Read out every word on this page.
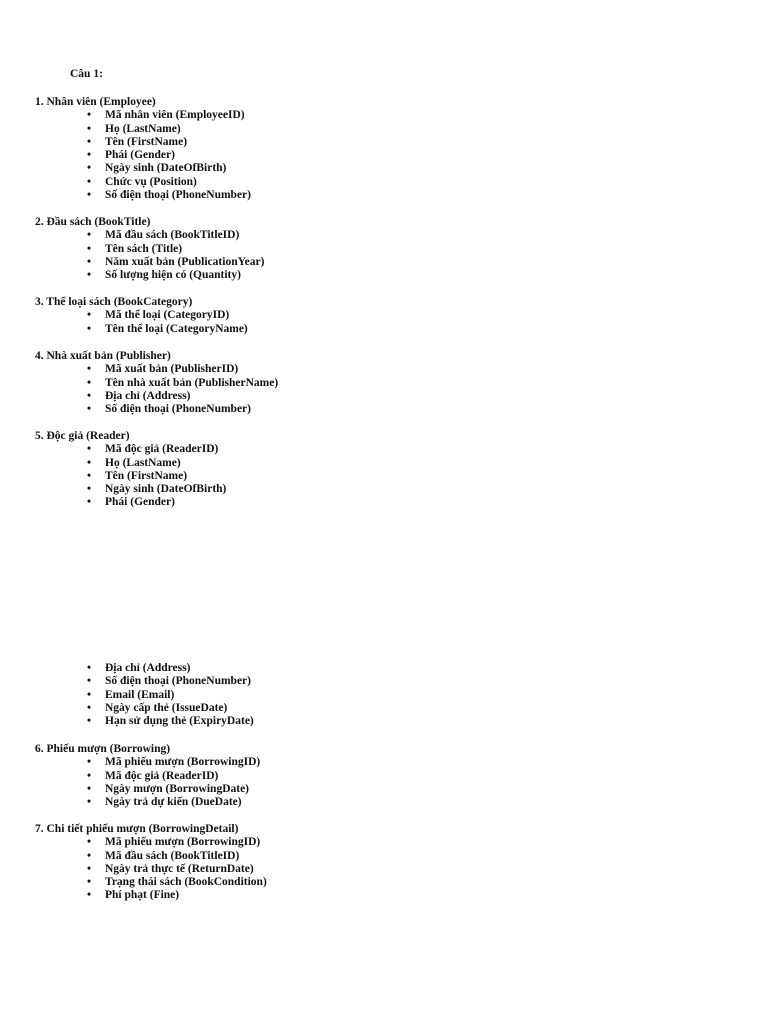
Câu 1:
1. Nhân viên (Employee)
• Mã nhân viên (EmployeeID)
• Họ (LastName)
• Tên (FirstName)
• Phái (Gender)
• Ngày sinh (DateOfBirth)
• Chức vụ (Position)
• Số điện thoại (PhoneNumber)
2. Đầu sách (BookTitle)
• Mã đầu sách (BookTitleID)
• Tên sách (Title)
• Năm xuất bản (PublicationYear)
• Số lượng hiện có (Quantity)
3. Thể loại sách (BookCategory)
• Mã thể loại (CategoryID)
• Tên thể loại (CategoryName)
4. Nhà xuất bản (Publisher)
• Mã xuất bản (PublisherID)
• Tên nhà xuất bản (PublisherName)
• Địa chỉ (Address)
• Số điện thoại (PhoneNumber)
5. Độc giả (Reader)
• Mã độc giả (ReaderID)
• Họ (LastName)
• Tên (FirstName)
• Ngày sinh (DateOfBirth)
• Phái (Gender)
• Địa chỉ (Address)
• Số điện thoại (PhoneNumber)
• Email (Email)
• Ngày cấp thẻ (IssueDate)
• Hạn sử dụng thẻ (ExpiryDate)
6. Phiếu mượn (Borrowing)
• Mã phiếu mượn (BorrowingID)
• Mã độc giả (ReaderID)
• Ngày mượn (BorrowingDate)
• Ngày trả dự kiến (DueDate)
7. Chi tiết phiếu mượn (BorrowingDetail)
• Mã phiếu mượn (BorrowingID)
• Mã đầu sách (BookTitleID)
• Ngày trả thực tế (ReturnDate)
• Trạng thái sách (BookCondition)
• Phí phạt (Fine)
